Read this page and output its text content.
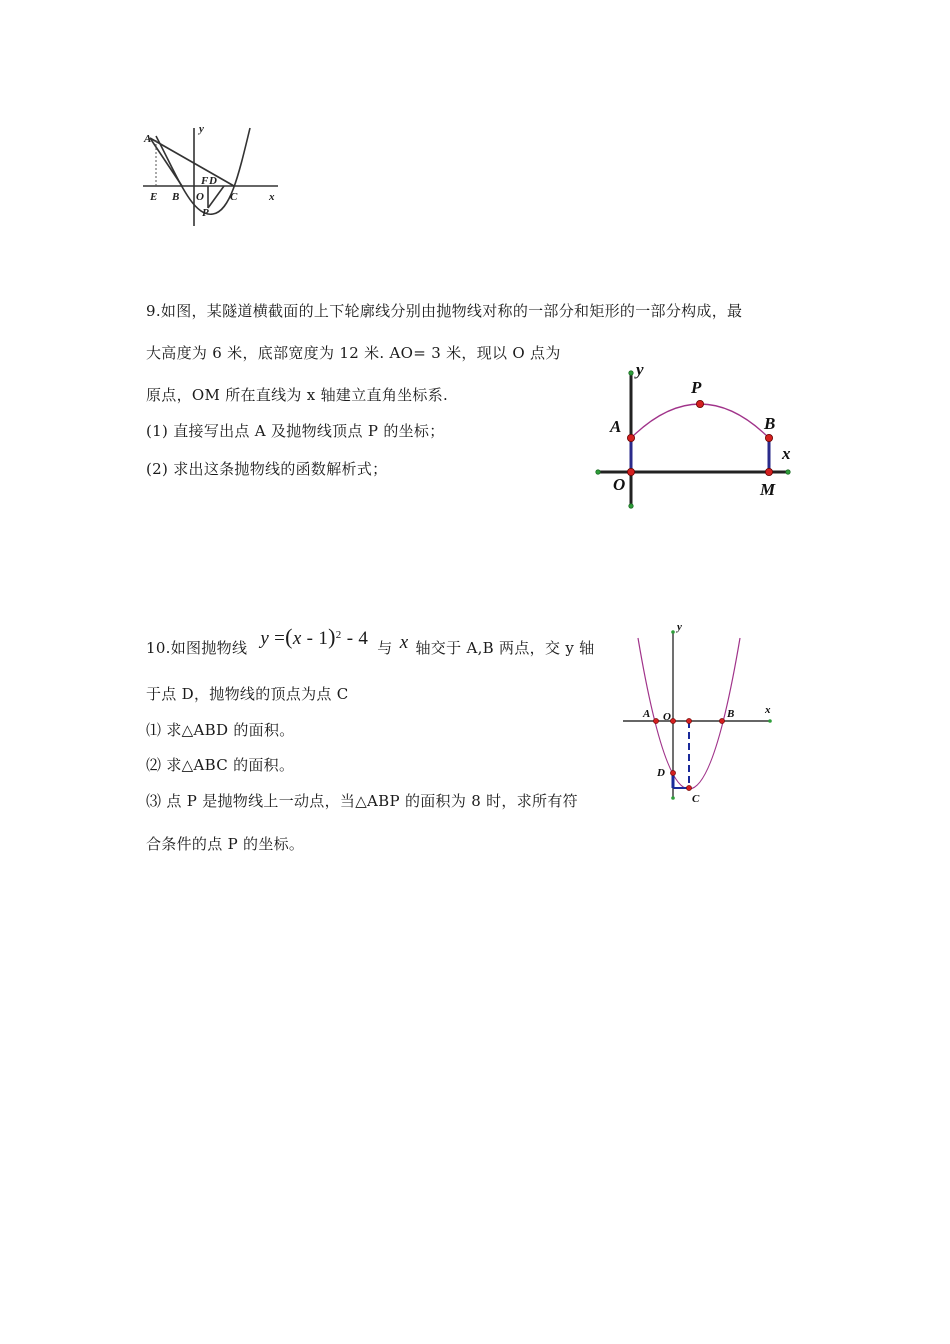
A
y
F D
E B O C	x
P
9.如图，某隧道横截面的上下轮廓线分别由抛物线对称的一部分和矩形的一部分构成，最
大高度为 6 米，底部宽度为 12 米. AO= 3 米，现以 O 点为
原点，OM 所在直线为 x 轴建立直角坐标系.
(1) 直接写出点 A 及抛物线顶点 P 的坐标；
(2) 求出这条抛物线的函数解析式；
y
P
A	B
x
O	M
10.如图抛物线 y =(x - 1)$^2$ - 4 与 x 轴交于 A,B 两点，交 y 轴
于点 D，抛物线的顶点为点 C
⑴ 求△ABD 的面积。
⑵ 求△ABC 的面积。
⑶ 点 P 是抛物线上一动点，当△ABP 的面积为 8 时，求所有符
合条件的点 P 的坐标。
y
A O	B	x
D
C
